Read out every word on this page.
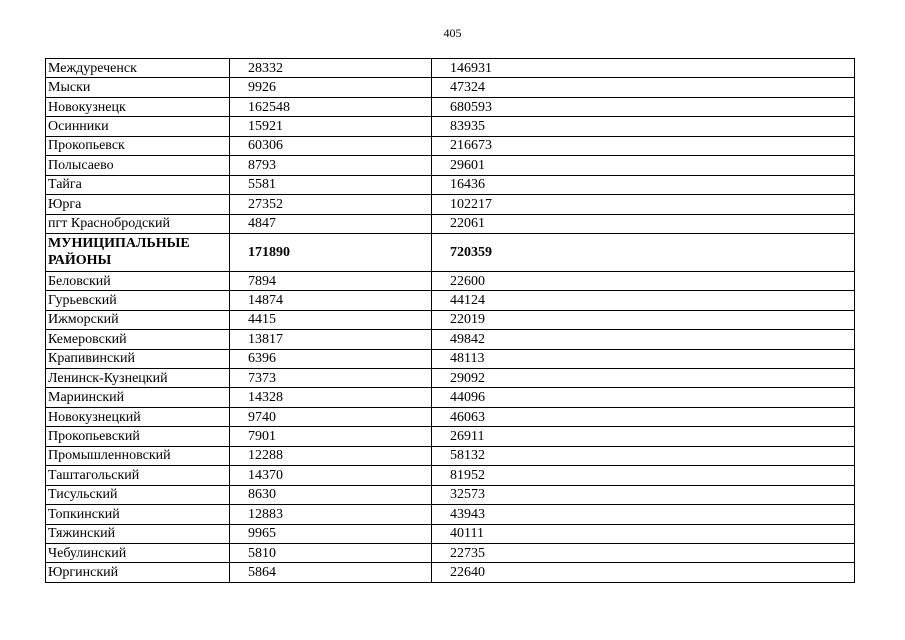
405
Междуреченск	28332	146931
Мыски	9926	47324
Новокузнецк	162548	680593
Осинники	15921	83935
Прокопьевск	60306	216673
Полысаево	8793	29601
Тайга	5581	16436
Юрга	27352	102217
пгт Краснобродский	4847	22061
МУНИЦИПАЛЬНЫЕ РАЙОНЫ	171890	720359
Беловский	7894	22600
Гурьевский	14874	44124
Ижморский	4415	22019
Кемеровский	13817	49842
Крапивинский	6396	48113
Ленинск-Кузнецкий	7373	29092
Мариинский	14328	44096
Новокузнецкий	9740	46063
Прокопьевский	7901	26911
Промышленновский	12288	58132
Таштагольский	14370	81952
Тисульский	8630	32573
Топкинский	12883	43943
Тяжинский	9965	40111
Чебулинский	5810	22735
Юргинский	5864	22640
